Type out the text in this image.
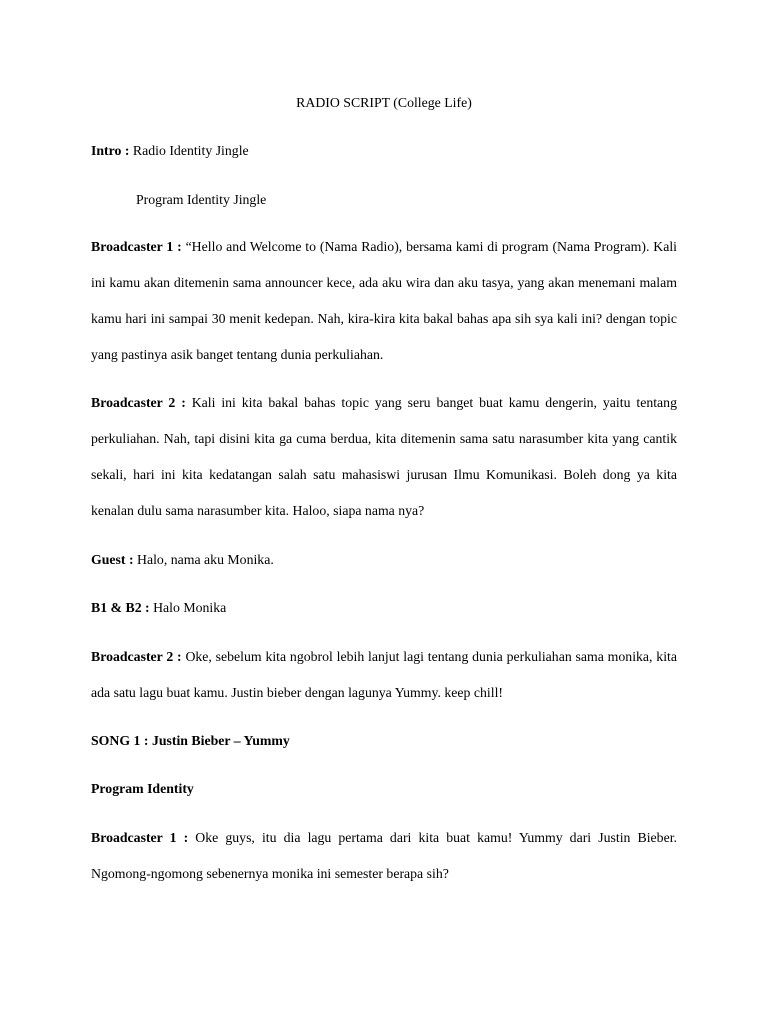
RADIO SCRIPT (College Life)
Intro : Radio Identity Jingle
Program Identity Jingle

Broadcaster 1 : “Hello and Welcome to (Nama Radio), bersama kami di program (Nama Program). Kali ini kamu akan ditemenin sama announcer kece, ada aku wira dan aku tasya, yang akan menemani malam kamu hari ini sampai 30 menit kedepan. Nah, kira-kira kita bakal bahas apa sih sya kali ini? dengan topic yang pastinya asik banget tentang dunia perkuliahan.

Broadcaster 2 : Kali ini kita bakal bahas topic yang seru banget buat kamu dengerin, yaitu tentang perkuliahan. Nah, tapi disini kita ga cuma berdua, kita ditemenin sama satu narasumber kita yang cantik sekali, hari ini kita kedatangan salah satu mahasiswi jurusan Ilmu Komunikasi. Boleh dong ya kita kenalan dulu sama narasumber kita. Haloo, siapa nama nya?

Guest : Halo, nama aku Monika.

B1 & B2 : Halo Monika

Broadcaster 2 : Oke, sebelum kita ngobrol lebih lanjut lagi tentang dunia perkuliahan sama monika, kita ada satu lagu buat kamu. Justin bieber dengan lagunya Yummy. keep chill!

SONG 1 : Justin Bieber – Yummy

Program Identity

Broadcaster 1 : Oke guys, itu dia lagu pertama dari kita buat kamu! Yummy dari Justin Bieber. Ngomong-ngomong sebenernya monika ini semester berapa sih?
